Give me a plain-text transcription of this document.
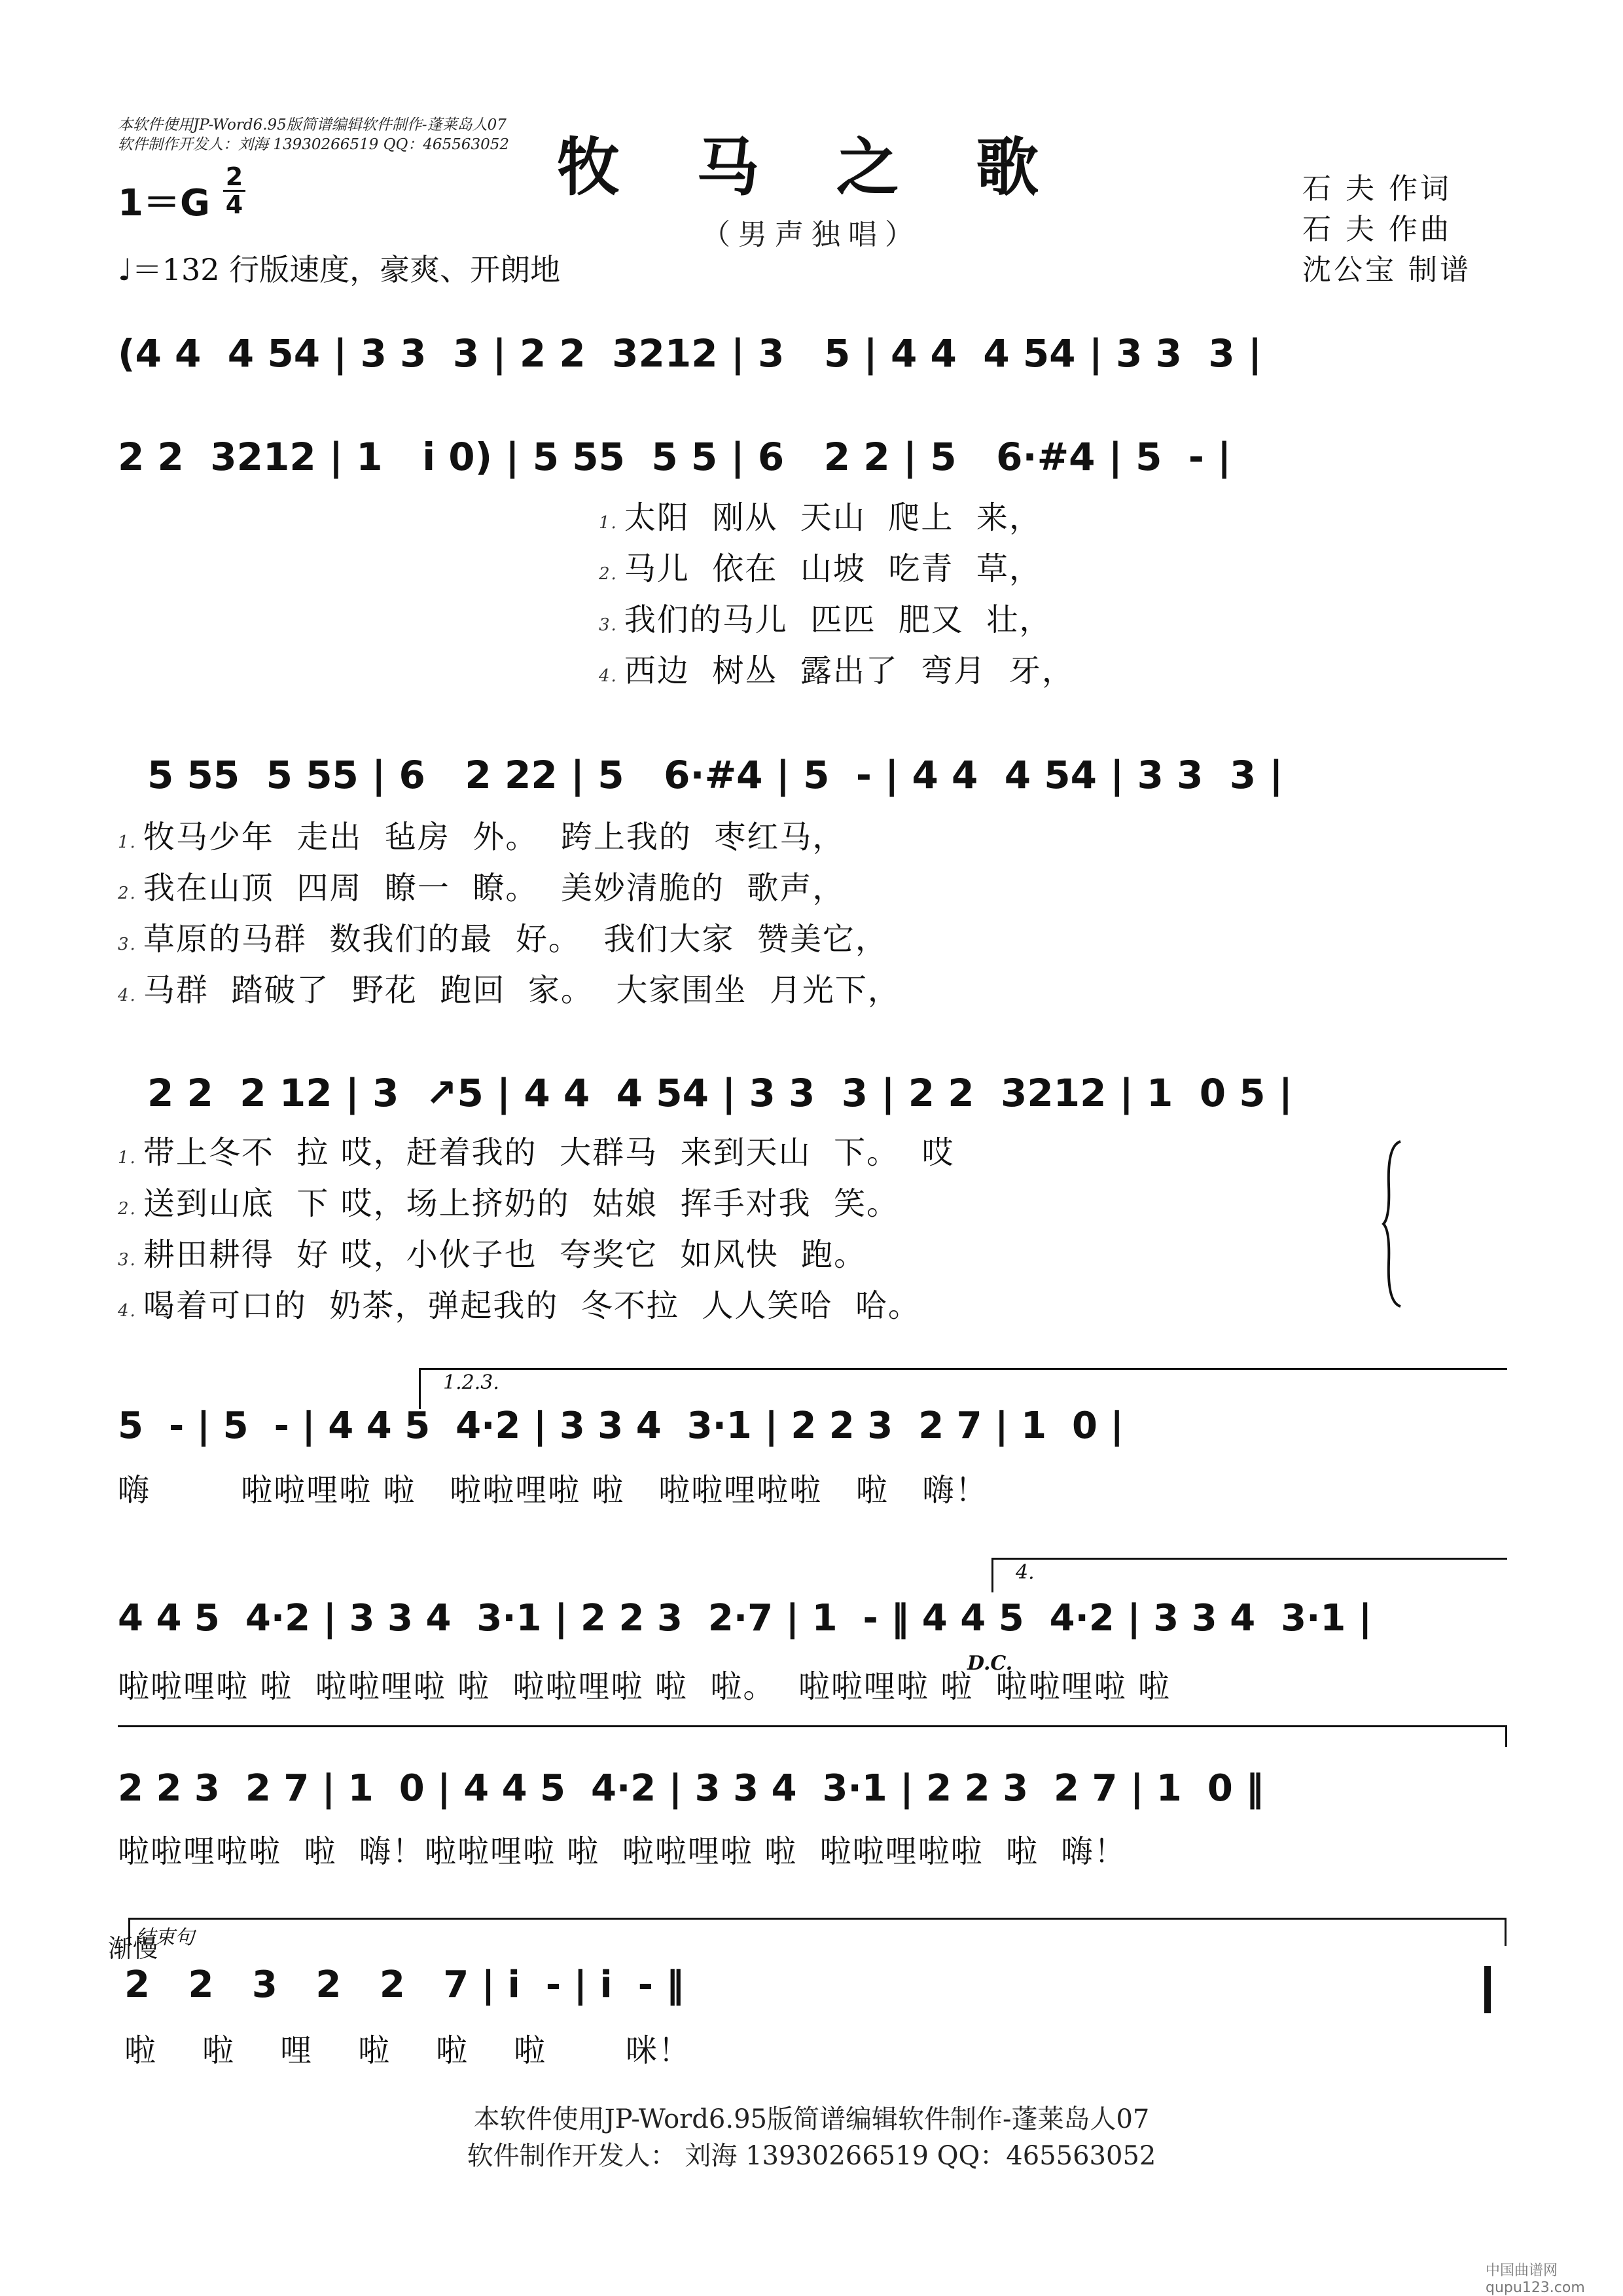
本软件使用JP-Word6.95版简谱编辑软件制作-蓬莱岛人07
软件制作开发人：刘海 13930266519 QQ：465563052 牧 马 之 歌
（男声独唱）
1＝G
2
4
♩＝132 行版速度，豪爽、开朗地
石 夫 作词
石 夫 作曲
沈公宝 制谱
(4 4  4 54 | 3 3  3 | 2 2  3212 | 3   5 | 4 4  4 54 | 3 3  3 |
2 2  3212 | 1   i 0) | 5 55  5 5 | 6   2 2 | 5   6·#4 | 5  - |
1. 太阳  刚从  天山  爬上  来，
2. 马儿  依在  山坡  吃青  草，
3. 我们的马儿  匹匹  肥又  壮，
4. 西边  树丛  露出了  弯月  牙，
5 55  5 55 | 6   2 22 | 5   6·#4 | 5  - | 4 4  4 54 | 3 3  3 |
1. 牧马少年  走出  毡房  外。  跨上我的  枣红马，
2. 我在山顶  四周  瞭一  瞭。  美妙清脆的  歌声，
3. 草原的马群  数我们的最  好。  我们大家  赞美它，
4. 马群  踏破了  野花  跑回  家。  大家围坐  月光下，
2 2  2 12 | 3  ↗5 | 4 4  4 54 | 3 3  3 | 2 2  3212 | 1  0 5 |
1. 带上冬不  拉 哎，赶着我的  大群马  来到天山  下。  哎
2. 送到山底  下 哎，场上挤奶的  姑娘  挥手对我  笑。
3. 耕田耕得  好 哎，小伙子也  夸奖它  如风快  跑。
4. 喝着可口的  奶茶，弹起我的  冬不拉  人人笑哈  哈。
1.2.3.
5  - | 5  - | 4 4 5  4·2 | 3 3 4  3·1 | 2 2 3  2 7 | 1  0 |
嗨        啦啦哩啦 啦   啦啦哩啦 啦   啦啦哩啦啦   啦   嗨！
4.
4 4 5  4·2 | 3 3 4  3·1 | 2 2 3  2·7 | 1  - ‖ 4 4 5  4·2 | 3 3 4  3·1 |
D.C.
啦啦哩啦 啦  啦啦哩啦 啦  啦啦哩啦 啦  啦。  啦啦哩啦 啦  啦啦哩啦 啦
2 2 3  2 7 | 1  0 | 4 4 5  4·2 | 3 3 4  3·1 | 2 2 3  2 7 | 1  0 ‖
啦啦哩啦啦  啦  嗨！啦啦哩啦 啦  啦啦哩啦 啦  啦啦哩啦啦  啦  嗨！
结束句
渐慢
2   2   3   2   2   7 | i  - | i  - ‖
啦    啦    哩    啦    啦    啦       咪！
本软件使用JP-Word6.95版简谱编辑软件制作-蓬莱岛人07
软件制作开发人： 刘海 13930266519 QQ：465563052
中国曲谱网 qupu123.com
